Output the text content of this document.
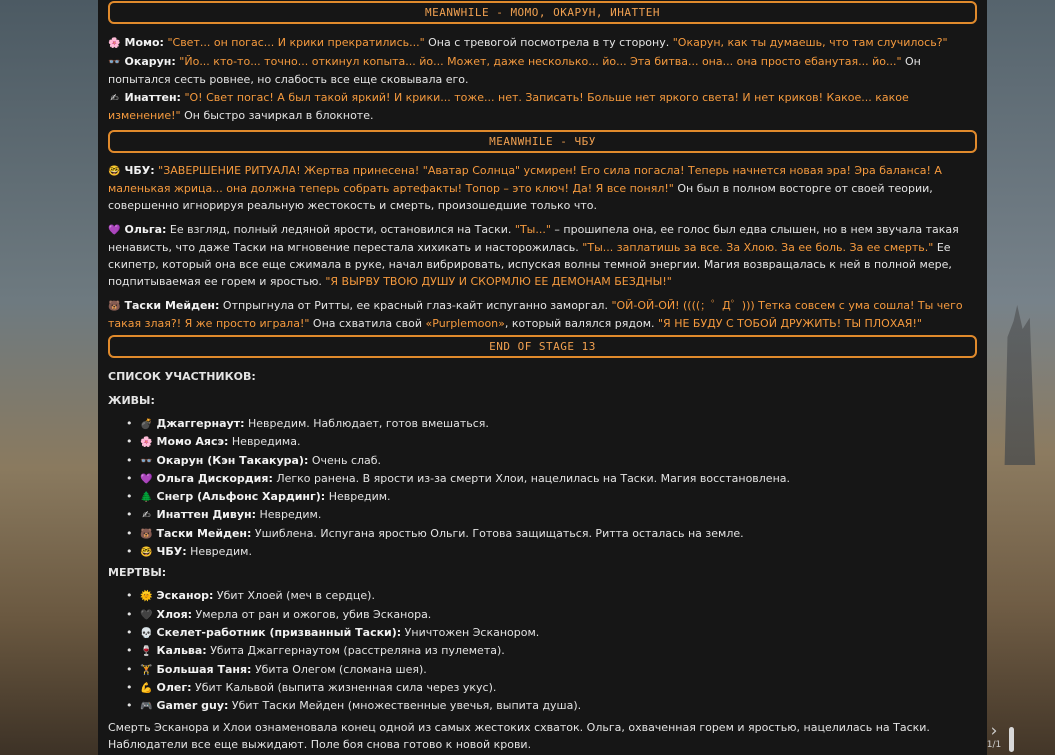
MEANWHILE - МОМО, ОКАРУН, ИНАТТЕН

🌸 Момо: "Свет... он погас... И крики прекратились..." Она с тревогой посмотрела в ту сторону. "Окарун, как ты думаешь, что там случилось?"

👓 Окарун: "Йо... кто-то... точно... откинул копыта... йо... Может, даже несколько... йо... Эта битва... она... она просто ебанутая... йо..." Он попытался сесть ровнее, но слабость все еще сковывала его.

✍ Инаттен: "О! Свет погас! А был такой яркий! И крики... тоже... нет. Записать! Больше нет яркого света! И нет криков! Какое... какое изменение!" Он быстро зачиркал в блокноте.

MEANWHILE - ЧБУ

🤓 ЧБУ: "ЗАВЕРШЕНИЕ РИТУАЛА! Жертва принесена! "Аватар Солнца" усмирен! Его сила погасла! Теперь начнется новая эра! Эра баланса! А маленькая жрица... она должна теперь собрать артефакты! Топор – это ключ! Да! Я все понял!" Он был в полном восторге от своей теории, совершенно игнорируя реальную жестокость и смерть, произошедшие только что.

💜 Ольга: Ее взгляд, полный ледяной ярости, остановился на Таски. "Ты..." – прошипела она, ее голос был едва слышен, но в нем звучала такая ненависть, что даже Таски на мгновение перестала хихикать и насторожилась. "Ты... заплатишь за все. За Хлою. За ее боль. За ее смерть." Ее скипетр, который она все еще сжимала в руке, начал вибрировать, испуская волны темной энергии. Магия возвращалась к ней в полной мере, подпитываемая ее горем и яростью. "Я ВЫРВУ ТВОЮ ДУШУ И СКОРМЛЮ ЕЕ ДЕМОНАМ БЕЗДНЫ!"

🐻 Таски Мейден: Отпрыгнула от Ритты, ее красный глаз-кайт испуганно заморгал. "ОЙ-ОЙ-ОЙ! ((((；゜Д゜))) Тетка совсем с ума сошла! Ты чего такая злая?! Я же просто играла!" Она схватила свой «Purplemoon», который валялся рядом. "Я НЕ БУДУ С ТОБОЙ ДРУЖИТЬ! ТЫ ПЛОХАЯ!"

END OF STAGE 13
СПИСОК УЧАСТНИКОВ:
ЖИВЫ:
• 💣 Джаггернаут: Невредим. Наблюдает, готов вмешаться.
• 🌸 Момо Аясэ: Невредима.
• 👓 Окарун (Кэн Такакура): Очень слаб.
• 💜 Ольга Дискордия: Легко ранена. В ярости из-за смерти Хлои, нацелилась на Таски. Магия восстановлена.
• 🌲 Снегр (Альфонс Хардинг): Невредим.
• ✍ Инаттен Дивун: Невредим.
• 🐻 Таски Мейден: Ушиблена. Испугана яростью Ольги. Готова защищаться. Ритта осталась на земле.
• 🤓 ЧБУ: Невредим.
МЕРТВЫ:
• 🌞 Эсканор: Убит Хлоей (меч в сердце).
• 🖤 Хлоя: Умерла от ран и ожогов, убив Эсканора.
• 💀 Скелет-работник (призванный Таски): Уничтожен Эсканором.
• 🍷 Кальва: Убита Джаггернаутом (расстреляна из пулемета).
• 🏋 Большая Таня: Убита Олегом (сломана шея).
• 💪 Олег: Убит Кальвой (выпита жизненная сила через укус).
• 🎮 Gamer guy: Убит Таски Мейден (множественные увечья, выпита душа).

Смерть Эсканора и Хлои ознаменовала конец одной из самых жестоких схваток. Ольга, охваченная горем и яростью, нацелилась на Таски. Наблюдатели все еще выжидают. Поле боя снова готово к новой крови.

›
1/1
